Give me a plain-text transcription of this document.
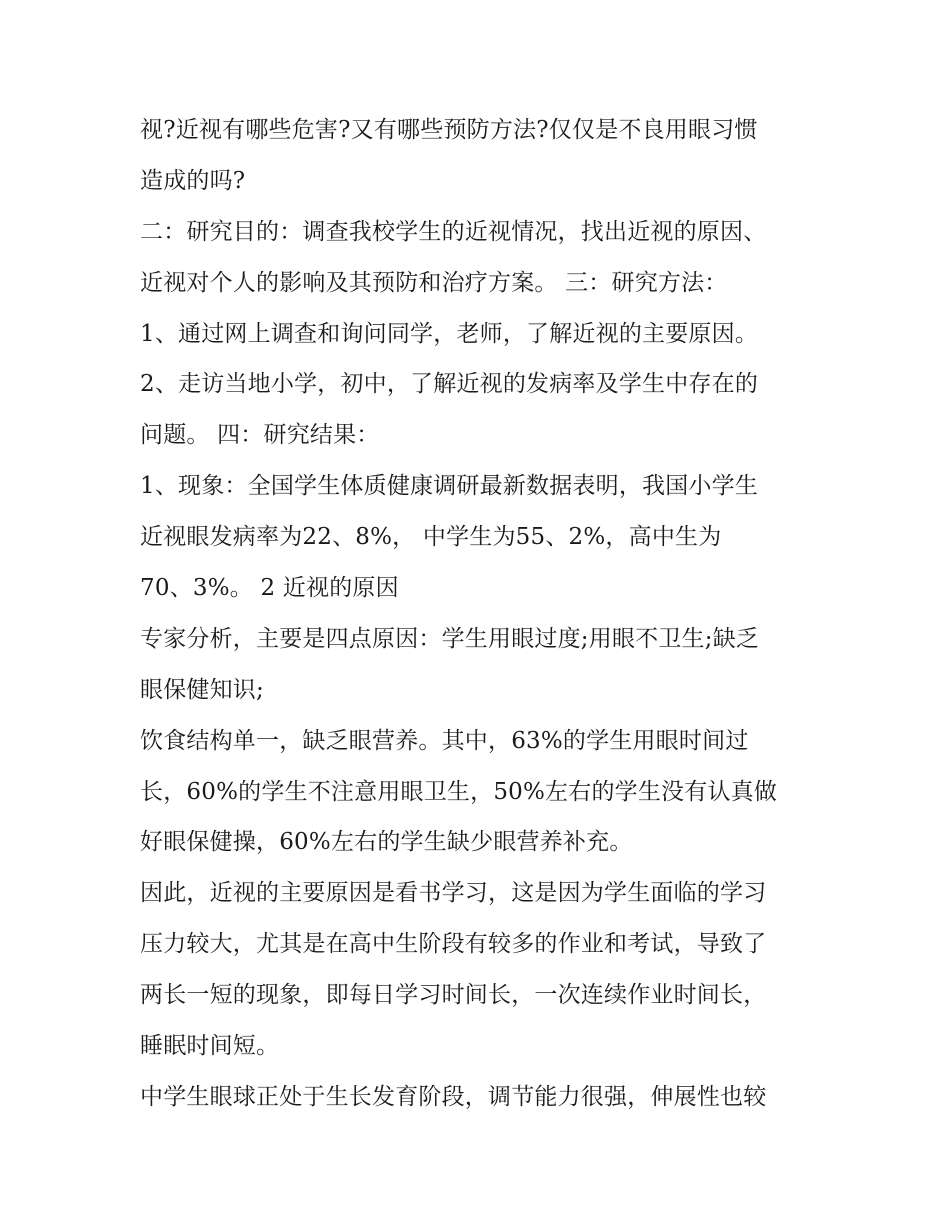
视?近视有哪些危害?又有哪些预防方法?仅仅是不良用眼习惯
造成的吗?
二：研究目的：调查我校学生的近视情况，找出近视的原因、
近视对个人的影响及其预防和治疗方案。 三：研究方法：
1、通过网上调查和询问同学，老师，了解近视的主要原因。
2、走访当地小学，初中，了解近视的发病率及学生中存在的
问题。 四：研究结果：
1、现象：全国学生体质健康调研最新数据表明，我国小学生
近视眼发病率为22、8%， 中学生为55、2%，高中生为
70、3%。 2 近视的原因
专家分析，主要是四点原因：学生用眼过度;用眼不卫生;缺乏
眼保健知识;
饮食结构单一，缺乏眼营养。其中，63%的学生用眼时间过
长，60%的学生不注意用眼卫生，50%左右的学生没有认真做
好眼保健操，60%左右的学生缺少眼营养补充。
因此，近视的主要原因是看书学习，这是因为学生面临的学习
压力较大，尤其是在高中生阶段有较多的作业和考试，导致了
两长一短的现象，即每日学习时间长，一次连续作业时间长，
睡眠时间短。
中学生眼球正处于生长发育阶段，调节能力很强，伸展性也较
